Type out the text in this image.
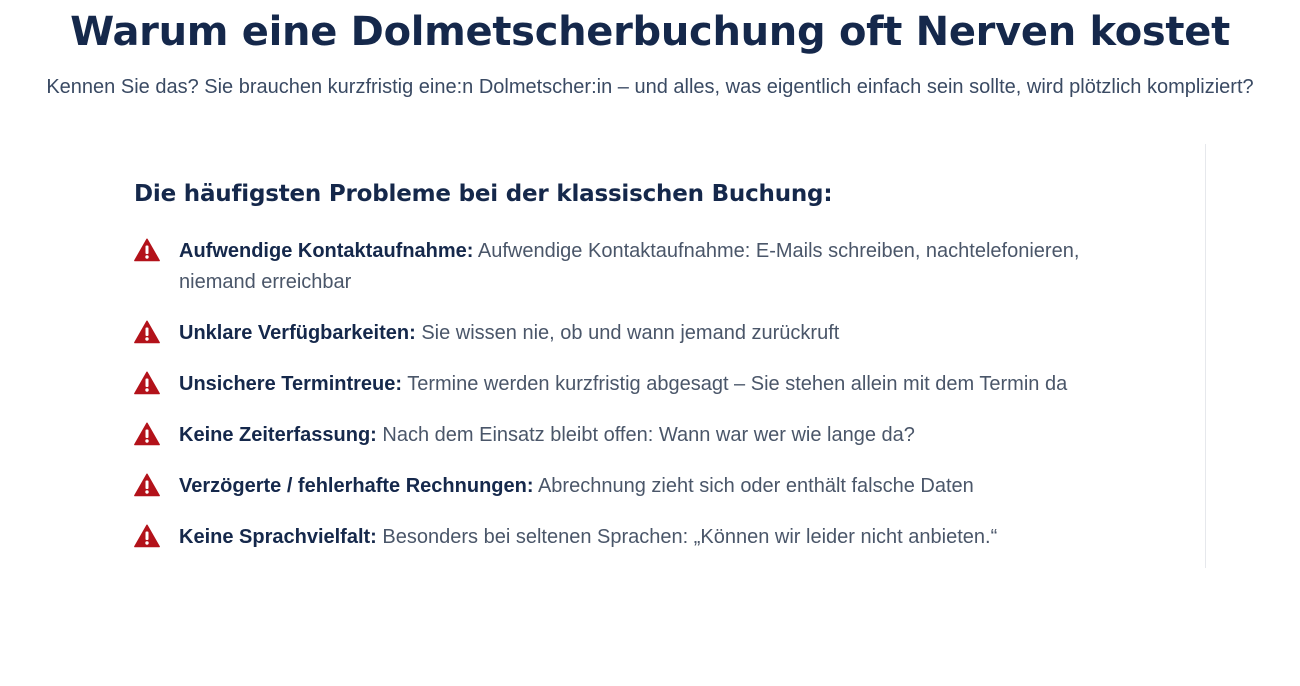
Warum eine Dolmetscherbuchung oft Nerven kostet

Kennen Sie das? Sie brauchen kurzfristig eine:n Dolmetscher:in – und alles, was eigentlich einfach sein sollte, wird plötzlich kompliziert?

Die häufigsten Probleme bei der klassischen Buchung:
Aufwendige Kontaktaufnahme: Aufwendige Kontaktaufnahme: E-Mails schreiben, nachtelefonieren, niemand erreichbar
Unklare Verfügbarkeiten: Sie wissen nie, ob und wann jemand zurückruft
Unsichere Termintreue: Termine werden kurzfristig abgesagt – Sie stehen allein mit dem Termin da
Keine Zeiterfassung: Nach dem Einsatz bleibt offen: Wann war wer wie lange da?
Verzögerte / fehlerhafte Rechnungen: Abrechnung zieht sich oder enthält falsche Daten
Keine Sprachvielfalt: Besonders bei seltenen Sprachen: „Können wir leider nicht anbieten.“
